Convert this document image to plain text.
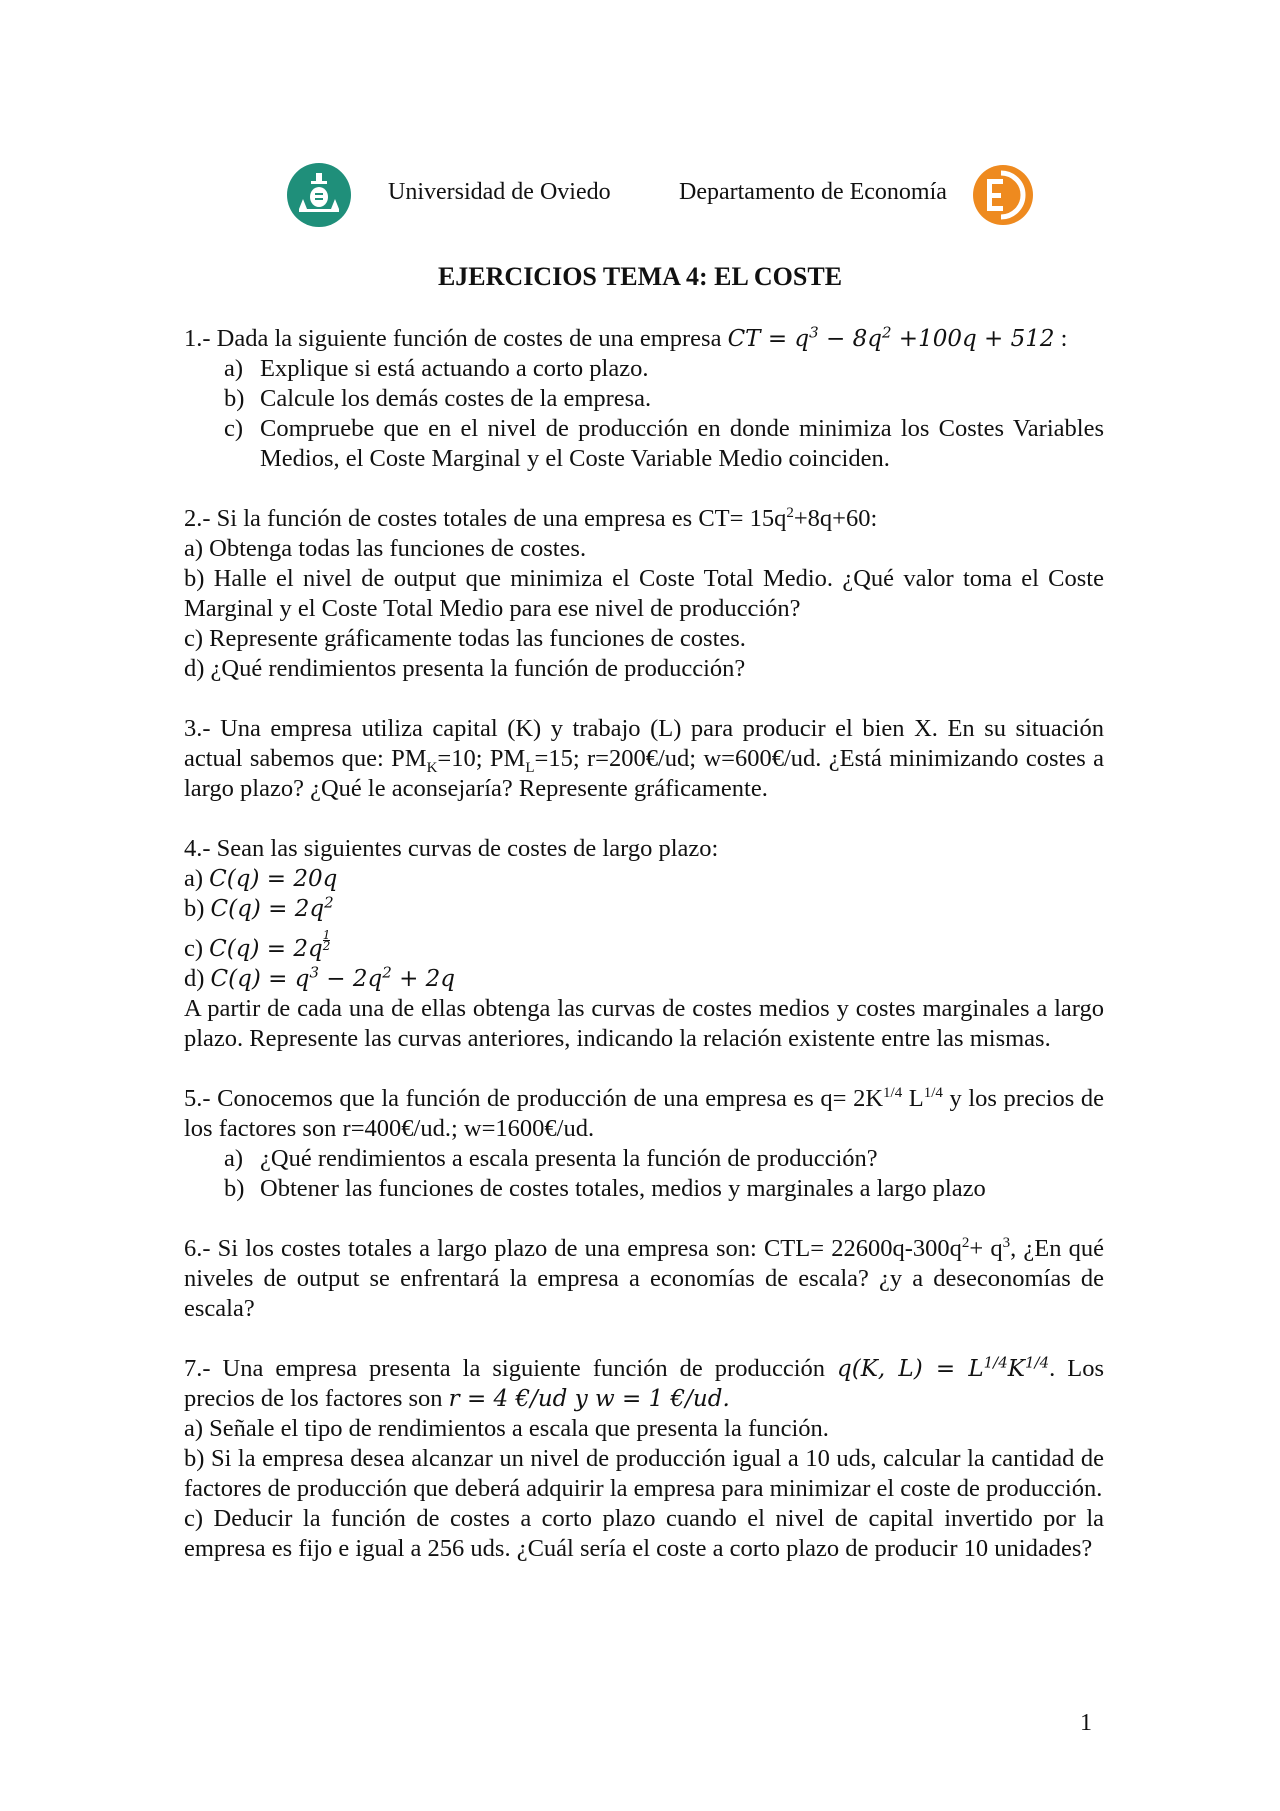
Universidad de Oviedo	Departamento de Economía
EJERCICIOS TEMA 4: EL COSTE

1.- Dada la siguiente función de costes de una empresa CT = $q^3 - 8q^2 +100q + 512$ :

a) Explique si está actuando a corto plazo.

b) Calcule los demás costes de la empresa.

c) Compruebe que en el nivel de producción en donde minimiza los Costes Variables Medios, el Coste Marginal y el Coste Variable Medio coinciden.

2.- Si la función de costes totales de una empresa es $CT= 15q^2+8q+60$:

a) Obtenga todas las funciones de costes.

b) Halle el nivel de output que minimiza el Coste Total Medio. ¿Qué valor toma el Coste Marginal y el Coste Total Medio para ese nivel de producción?

c) Represente gráficamente todas las funciones de costes.

d) ¿Qué rendimientos presenta la función de producción?

3.- Una empresa utiliza capital (K) y trabajo (L) para producir el bien X. En su situación actual sabemos que: $PM_K=10$; $PM_L=15$; r=200€/ud; w=600€/ud. ¿Está minimizando costes a largo plazo? ¿Qué le aconsejaría? Represente gráficamente.

4.- Sean las siguientes curvas de costes de largo plazo:

a) C(q) = 20q

b) $C(q) = 2q^2$

c) $C(q) = 2q \frac{1}{2}$

d) $C(q) = q^3 - 2q^2 + 2q$

A partir de cada una de ellas obtenga las curvas de costes medios y costes marginales a largo plazo. Represente las curvas anteriores, indicando la relación existente entre las mismas.

5.- Conocemos que la función de producción de una empresa es $q= 2K^{1/4}$ $L^{1/4}$ y los precios de los factores son r=400€/ud.; w=1600€/ud.

a) ¿Qué rendimientos a escala presenta la función de producción?

b) Obtener las funciones de costes totales, medios y marginales a largo plazo

6.- Si los costes totales a largo plazo de una empresa son: $CTL= 22600q-300q^2+ q^3$, ¿En qué niveles de output se enfrentará la empresa a economías de escala? ¿y a deseconomías de escala?

7.- Una empresa presenta la siguiente función de producción q(K, $L) = L^{1/4}K^{1/4}$. Los precios de los factores son r = 4 €/ud y w = 1 €/ud.

a) Señale el tipo de rendimientos a escala que presenta la función.

b) Si la empresa desea alcanzar un nivel de producción igual a 10 uds, calcular la cantidad de factores de producción que deberá adquirir la empresa para minimizar el coste de producción.

c) Deducir la función de costes a corto plazo cuando el nivel de capital invertido por la empresa es fijo e igual a 256 uds. ¿Cuál sería el coste a corto plazo de producir 10 unidades?

1
